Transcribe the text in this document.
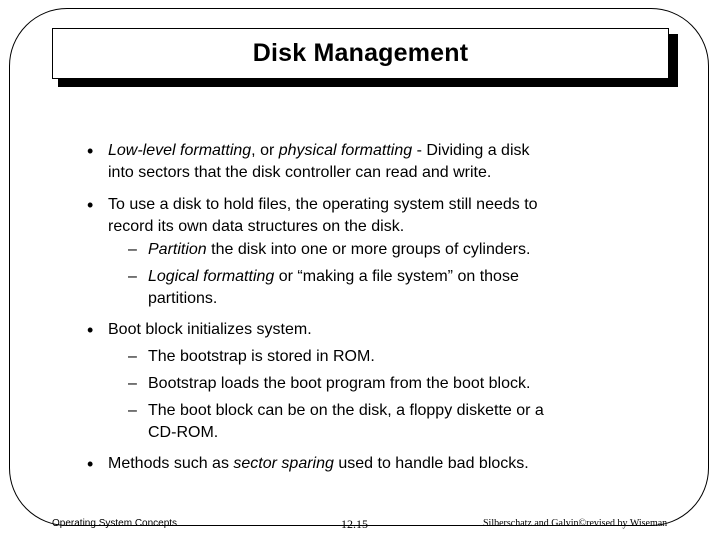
Disk Management
• Low-level formatting, or physical formatting - Dividing a disk
into sectors that the disk controller can read and write.
• To use a disk to hold files, the operating system still needs to
record its own data structures on the disk.
– Partition the disk into one or more groups of cylinders.
– Logical formatting or “making a file system” on those
partitions.
• Boot block initializes system.
– The bootstrap is stored in ROM.
– Bootstrap loads the boot program from the boot block.
– The boot block can be on the disk, a floppy diskette or a
CD-ROM.
• Methods such as sector sparing used to handle bad blocks.
Operating System Concepts	12.15	Silberschatz and Galvin©revised by Wiseman
